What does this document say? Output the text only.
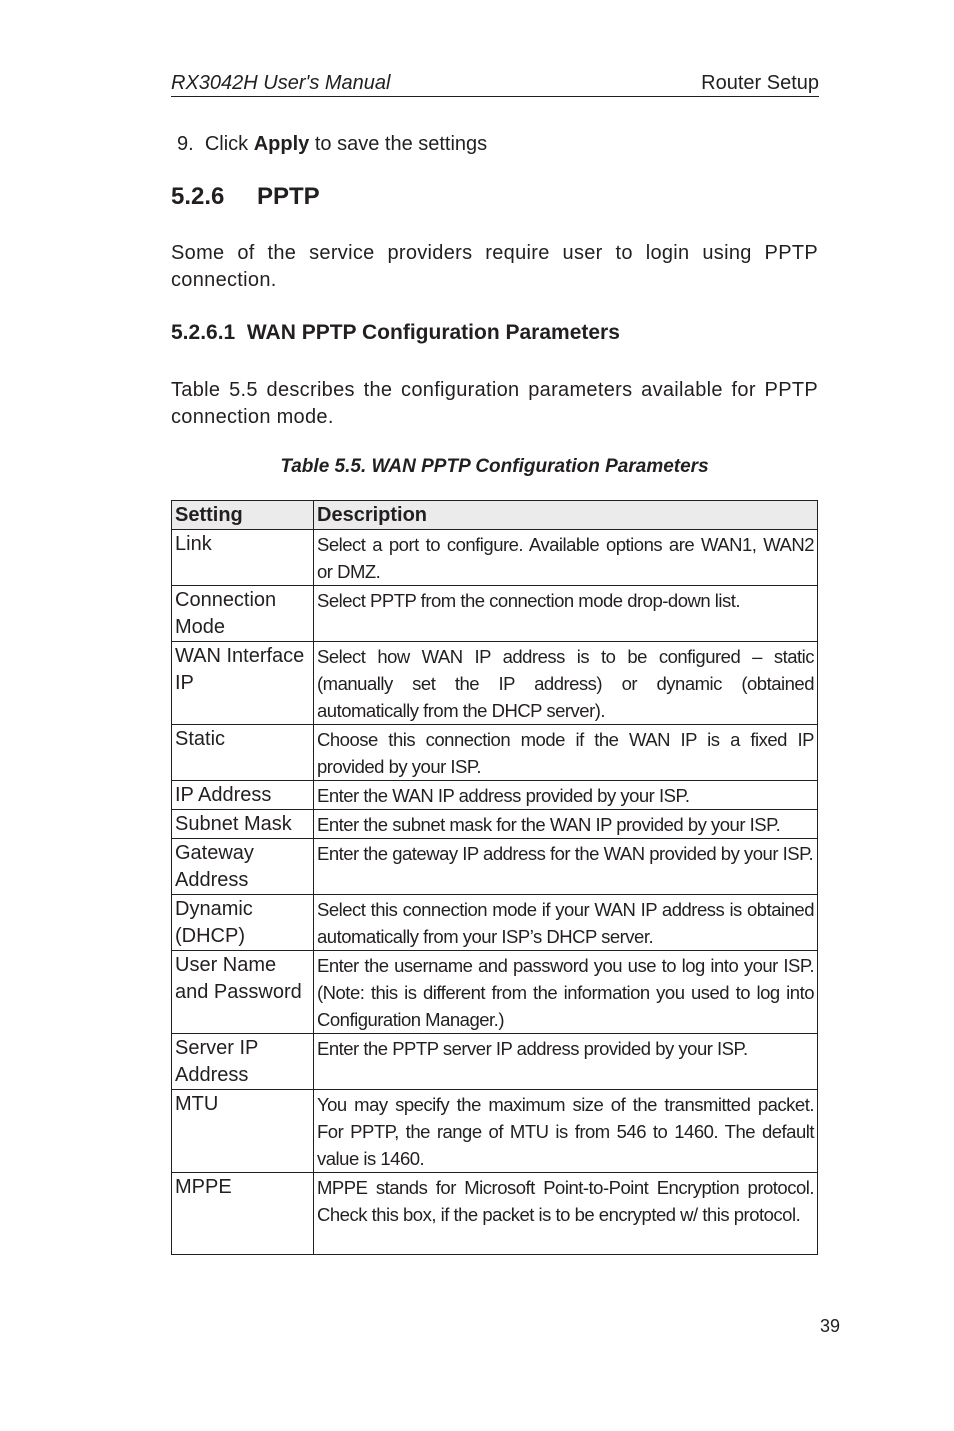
RX3042H User's Manual	Router Setup
9. Click Apply to save the settings
5.2.6 PPTP

Some of the service providers require user to login using PPTP connection.

5.2.6.1  WAN PPTP Configuration Parameters

Table 5.5 describes the configuration parameters available for PPTP connection mode.

Table 5.5. WAN PPTP Configuration Parameters
Setting	Description
Link	Select a port to configure. Available options are WAN1, WAN2 or DMZ.
Connection Mode	Select PPTP from the connection mode drop-down list.
WAN Interface IP	Select how WAN IP address is to be configured – static (manually set the IP address) or dynamic (obtained automatically from the DHCP server).
Static	Choose this connection mode if the WAN IP is a fixed IP provided by your ISP.
IP Address	Enter the WAN IP address provided by your ISP.
Subnet Mask	Enter the subnet mask for the WAN IP provided by your ISP.
Gateway Address	Enter the gateway IP address for the WAN provided by your ISP.
Dynamic (DHCP)	Select this connection mode if your WAN IP address is obtained automatically from your ISP’s DHCP server.
User Name and Password	Enter the username and password you use to log into your ISP. (Note: this is different from the information you used to log into Configuration Manager.)
Server IP Address	Enter the PPTP server IP address provided by your ISP.
MTU	You may specify the maximum size of the transmitted packet. For PPTP, the range of MTU is from 546 to 1460. The default value is 1460.
MPPE	MPPE stands for Microsoft Point-to-Point Encryption protocol. Check this box, if the packet is to be encrypted w/ this protocol.
39
